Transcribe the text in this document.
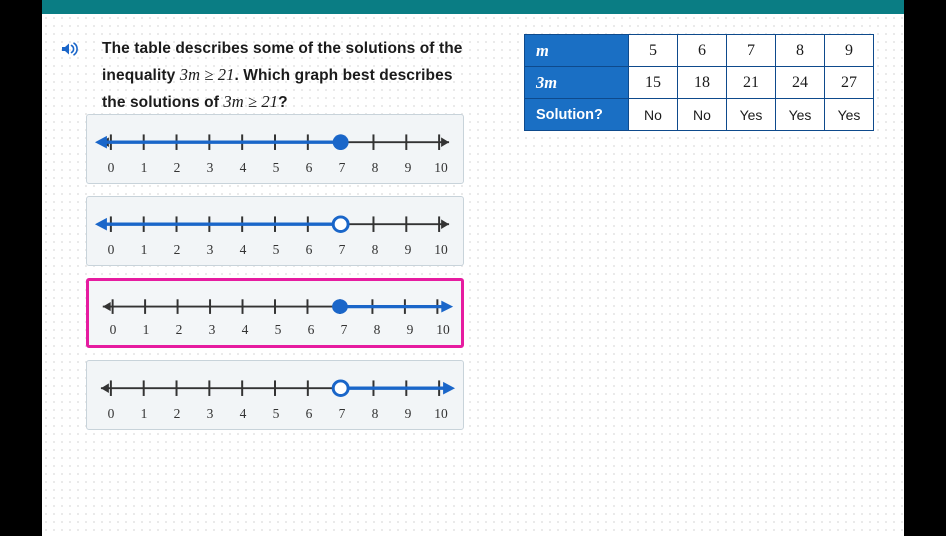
The table describes some of the solutions of the
inequality 3m ≥ 21. Which graph best describes
the solutions of 3m ≥ 21?
0 1 2 3 4 5 6 7 8 9 10
0 1 2 3 4 5 6 7 8 9 10
0 1 2 3 4 5 6 7 8 9 10
0 1 2 3 4 5 6 7 8 9 10
m	5	6	7	8	9
3m	15	18	21	24	27
Solution?	No	No	Yes	Yes	Yes
